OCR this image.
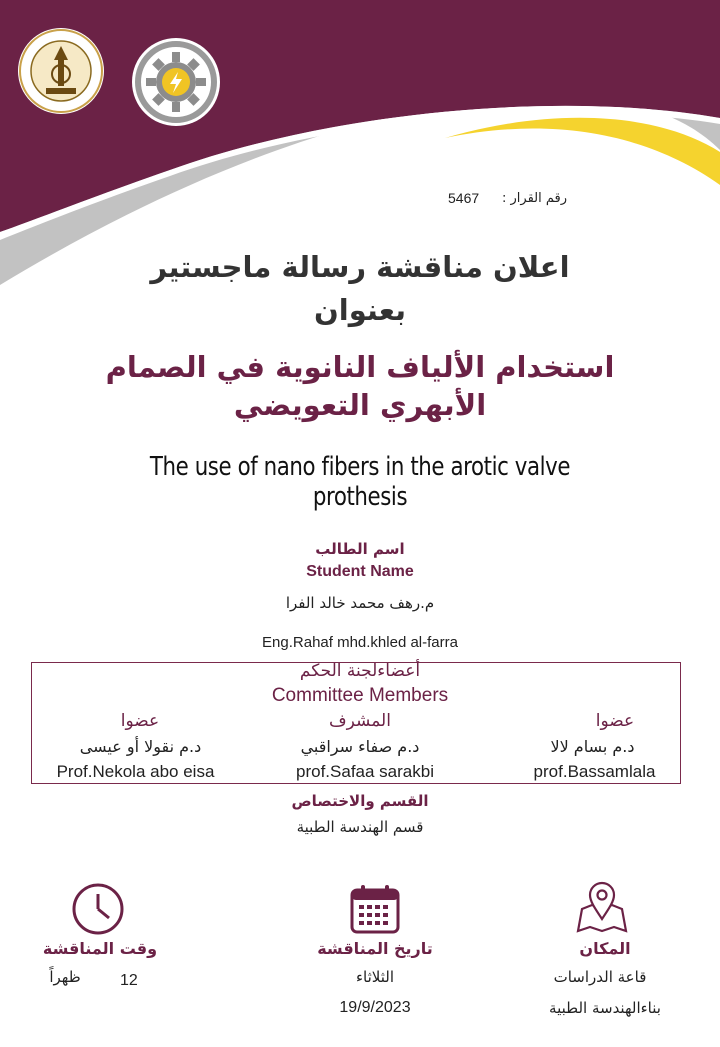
5467 رقم القرار :
اعلان مناقشة رسالة ماجستير
بعنوان
استخدام الألياف النانوية في الصمام
الأبهري التعويضي
The use of nano fibers in the arotic valve prothesis
اسم الطالب
Student Name
م.رهف محمد خالد الفرا
Eng.Rahaf mhd.khled al-farra
أعضاءلجنة الحكم
Committee Members
عضوا
د.م بسام لالا
prof.Bassamlala
المشرف
د.م صفاء سراقبي
prof.Safaa sarakbi
عضوا
د.م نقولا أو عيسى
Prof.Nekola abo eisa
القسم والاختصاص
قسم الهندسة الطبية
المكان
قاعة الدراسات
بناءالهندسة الطبية
تاريخ المناقشة
الثلاثاء
19/9/2023
وقت المناقشة
12
ظهراً
